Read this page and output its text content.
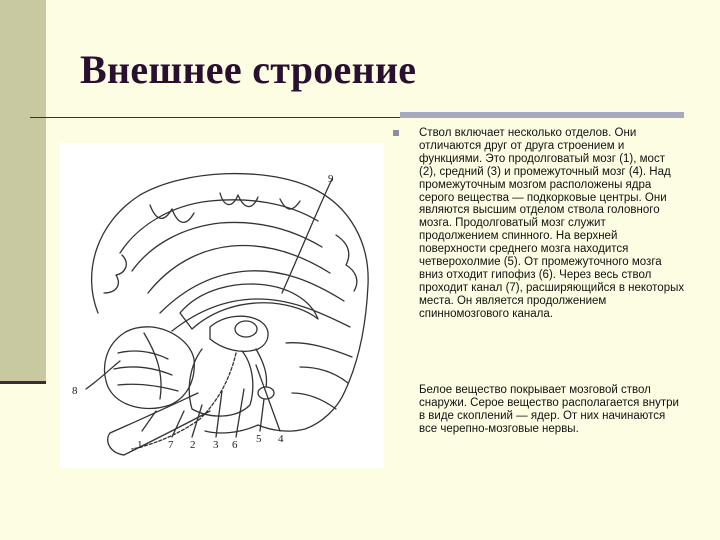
Внешнее строение
1 7 2 3 6 5 4
8
9

Ствол включает несколько отделов. Они отличаются друг от друга строением и функциями. Это продолговатый мозг (1), мост (2), средний (3) и промежуточный мозг (4). Над промежуточным мозгом расположены ядра серого вещества — подкорковые центры. Они являются высшим отделом ствола головного мозга. Продолговатый мозг служит продолжением спинного. На верхней поверхности среднего мозга находится четверохолмие (5). От промежуточного мозга вниз отходит гипофиз (6). Через весь ствол проходит канал (7), расширяющийся в некоторых места. Он является продолжением спинномозгового канала.

Белое вещество покрывает мозговой ствол снаружи. Серое вещество располагается внутри в виде скоплений — ядер. От них начинаются все черепно-мозговые нервы.
